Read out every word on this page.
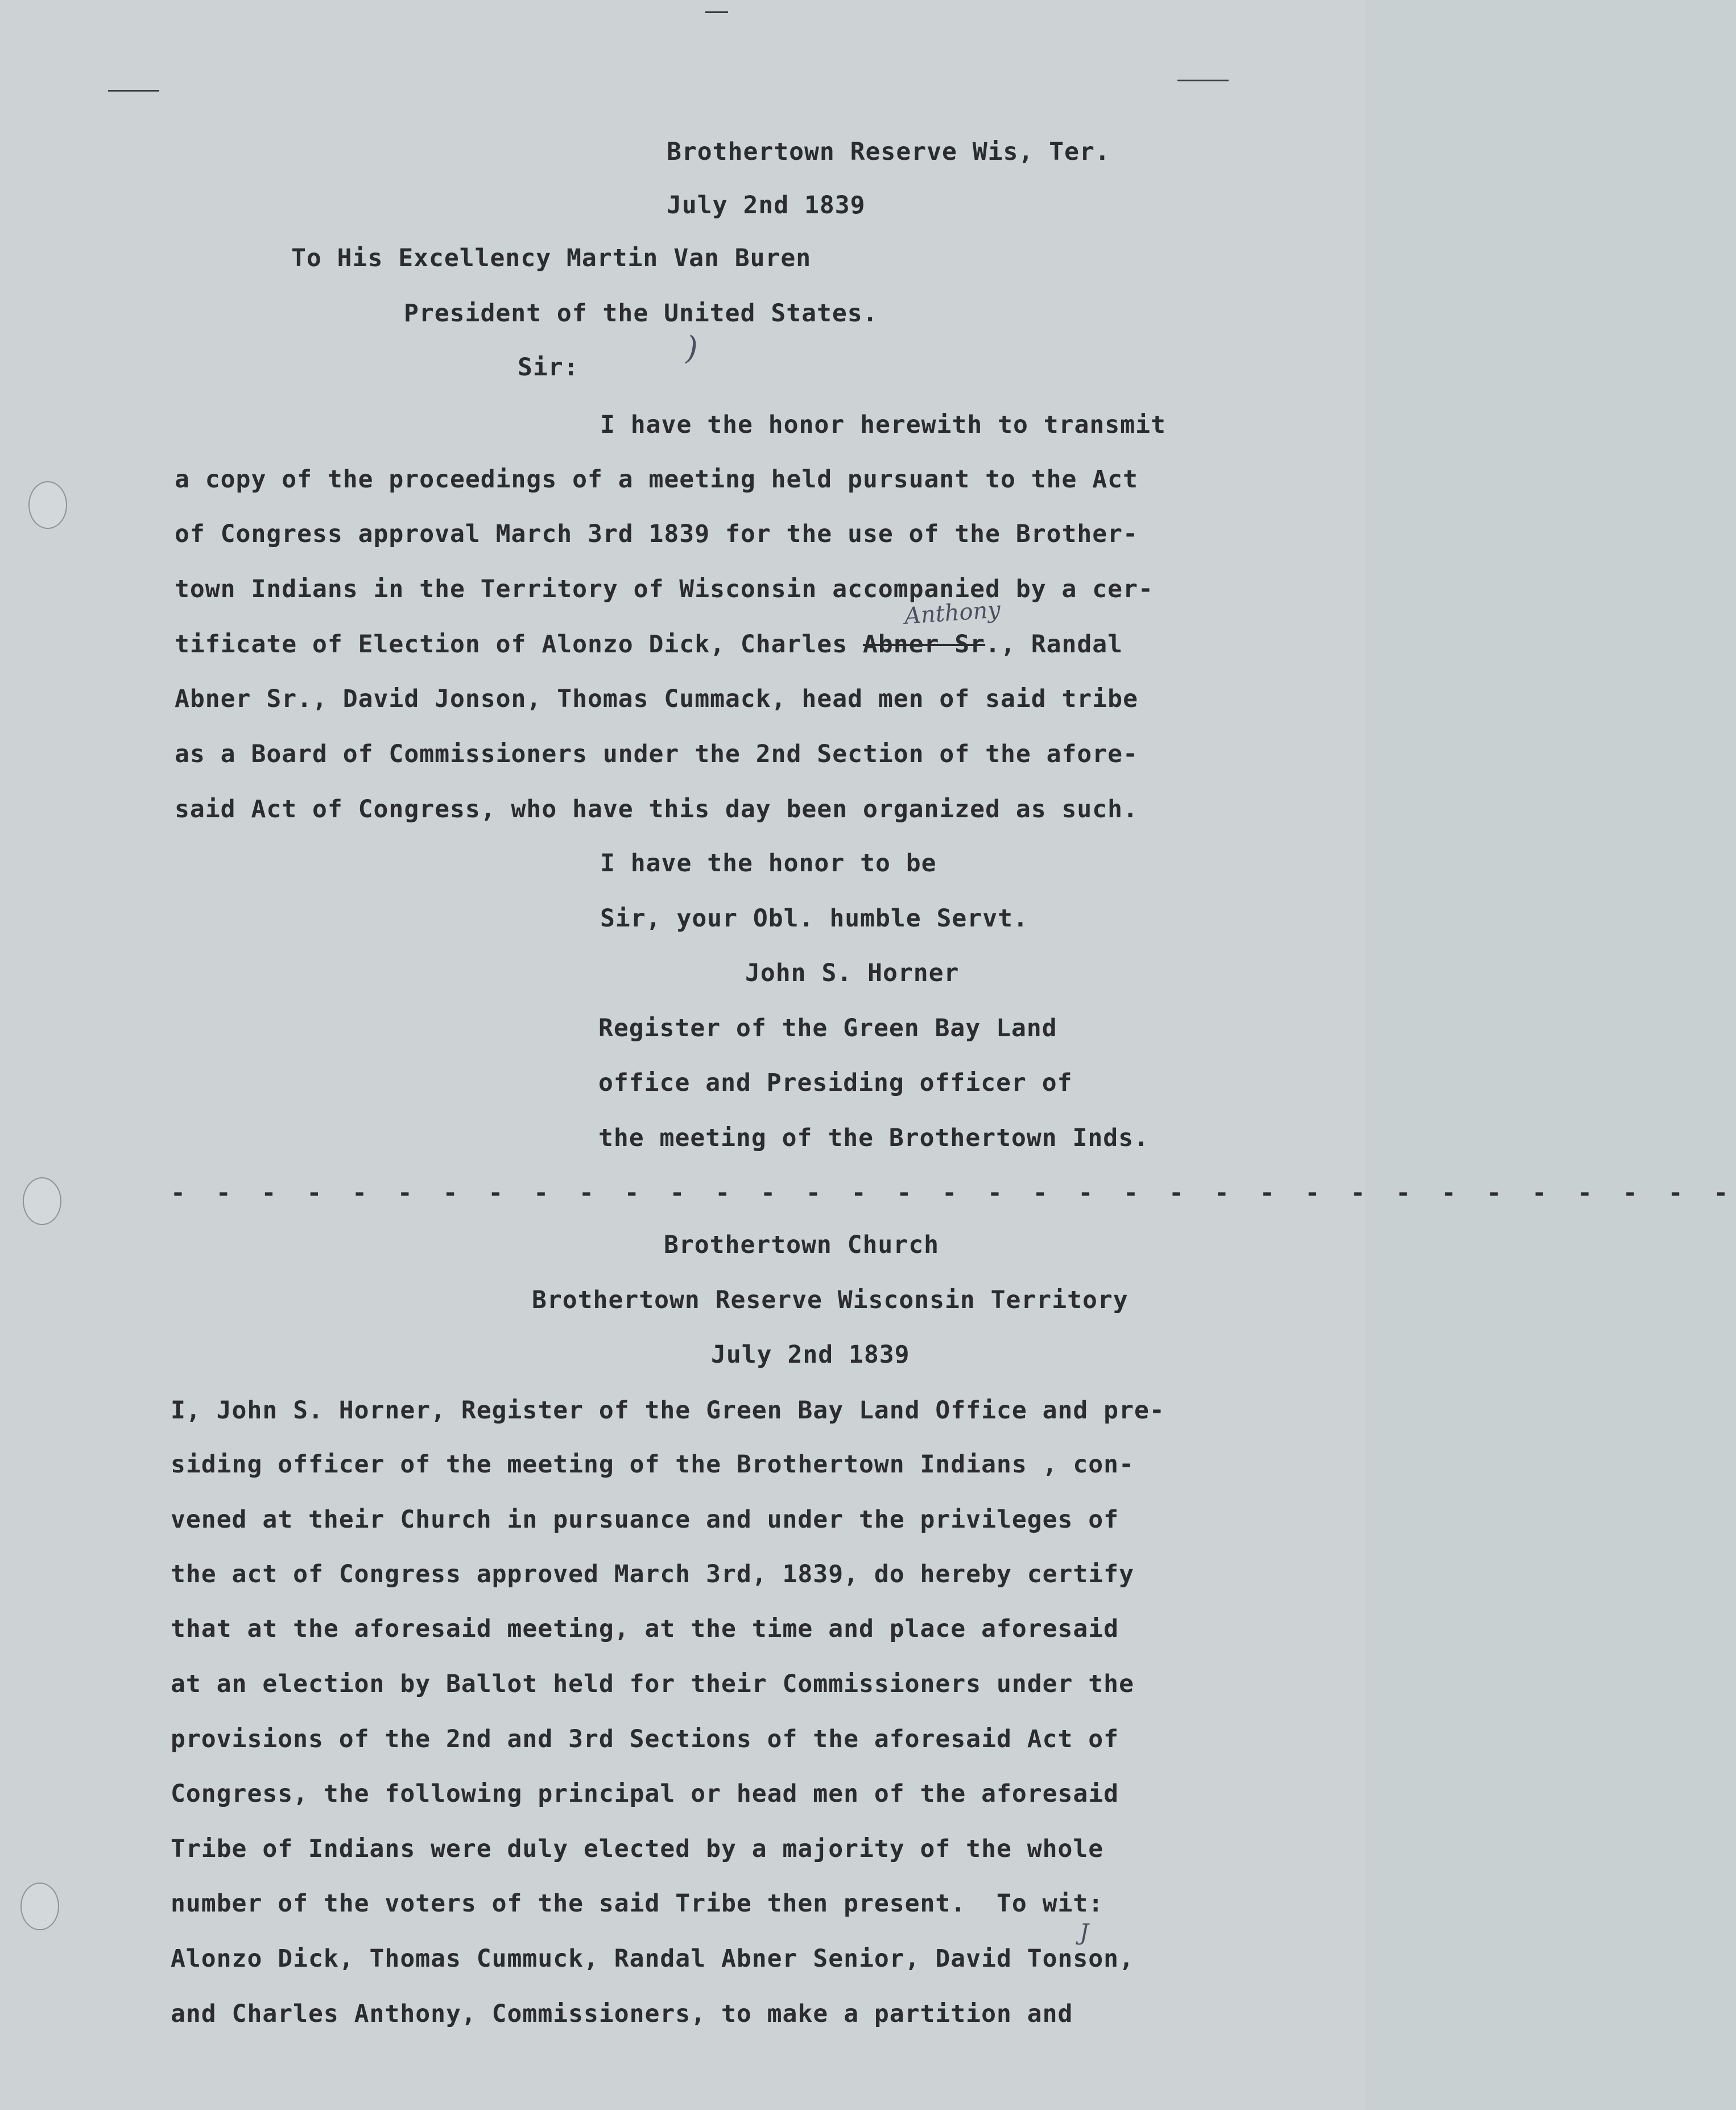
Brothertown Reserve Wis, Ter.
July 2nd 1839
To His Excellency Martin Van Buren
President of the United States.
Sir:
)
I have the honor herewith to transmit
a copy of the proceedings of a meeting held pursuant to the Act
of Congress approval March 3rd 1839 for the use of the Brother-
town Indians in the Territory of Wisconsin accompanied by a cer-
tificate of Election of Alonzo Dick, Charles Abner Sr., Randal
Anthony
Abner Sr., David Jonson, Thomas Cummack, head men of said tribe
as a Board of Commissioners under the 2nd Section of the afore-
said Act of Congress, who have this day been organized as such.
I have the honor to be
Sir, your Obl. humble Servt.
John S. Horner
Register of the Green Bay Land
office and Presiding officer of
the meeting of the Brothertown Inds.
- - - - - - - - - - - - - - - - - - - - - - - - - - - - - - - - - - -
Brothertown Church
Brothertown Reserve Wisconsin Territory
July 2nd 1839
I, John S. Horner, Register of the Green Bay Land Office and pre-
siding officer of the meeting of the Brothertown Indians , con-
vened at their Church in pursuance and under the privileges of
the act of Congress approved March 3rd, 1839, do hereby certify
that at the aforesaid meeting, at the time and place aforesaid
at an election by Ballot held for their Commissioners under the
provisions of the 2nd and 3rd Sections of the aforesaid Act of
Congress, the following principal or head men of the aforesaid
Tribe of Indians were duly elected by a majority of the whole
number of the voters of the said Tribe then present.  To wit:
J
Alonzo Dick, Thomas Cummuck, Randal Abner Senior, David Tonson,
and Charles Anthony, Commissioners, to make a partition and
